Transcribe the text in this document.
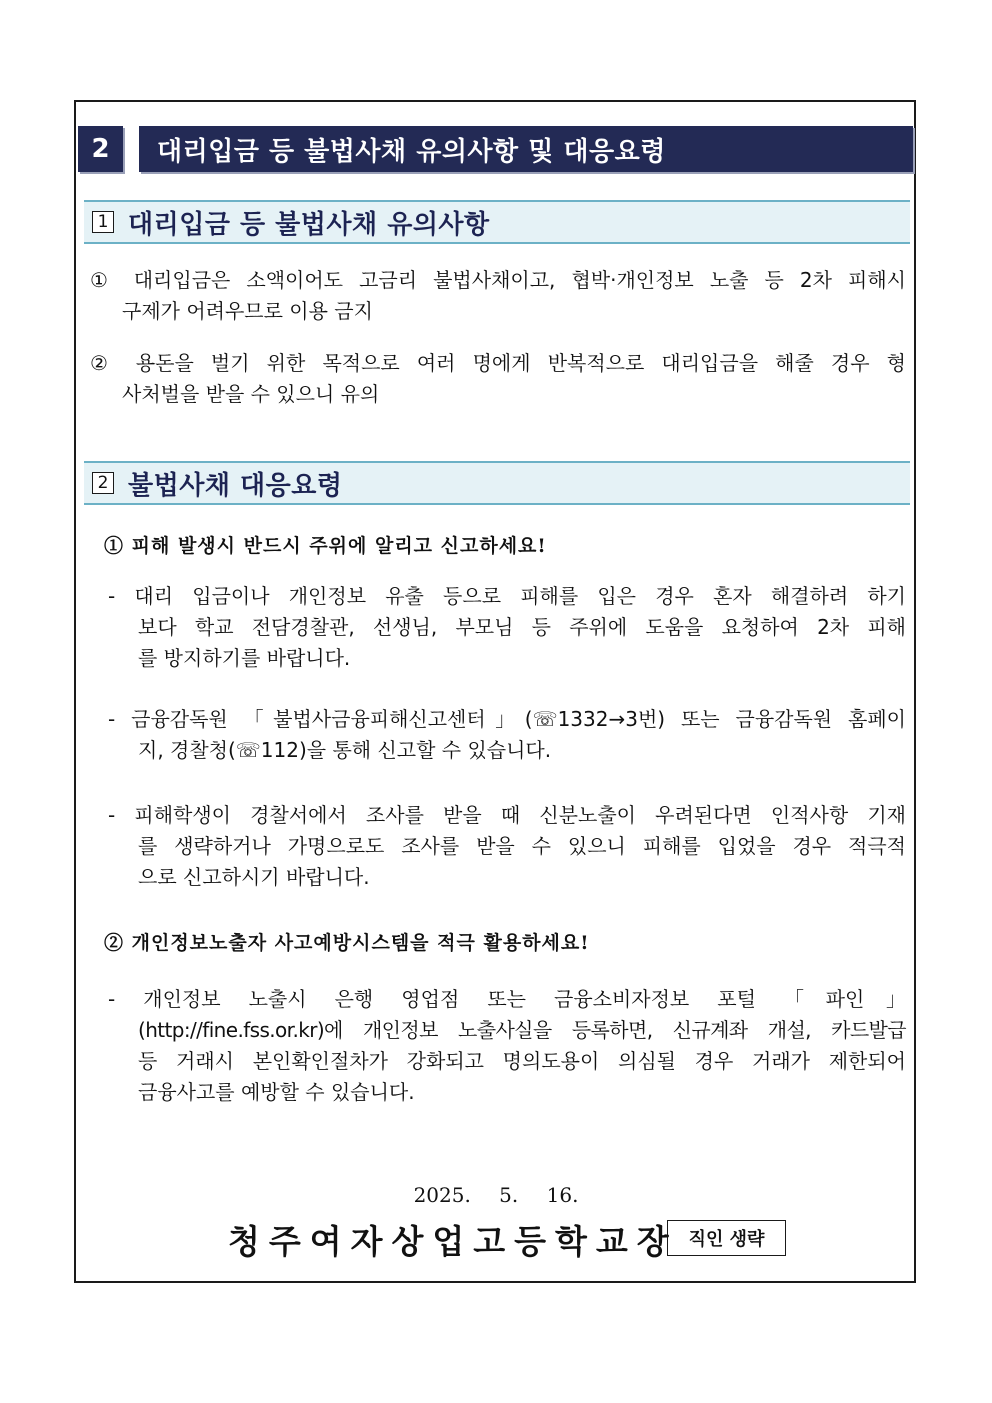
2	대리입금 등 불법사채 유의사항 및 대응요령
1 대리입금 등 불법사채 유의사항
① 대리입금은 소액이어도 고금리 불법사채이고, 협박·개인정보 노출 등 2차 피해시
구제가 어려우므로 이용 금지
② 용돈을 벌기 위한 목적으로 여러 명에게 반복적으로 대리입금을 해줄 경우 형
사처벌을 받을 수 있으니 유의
2 불법사채 대응요령
① 피해 발생시 반드시 주위에 알리고 신고하세요!
- 대리 입금이나 개인정보 유출 등으로 피해를 입은 경우 혼자 해결하려 하기
보다 학교 전담경찰관, 선생님, 부모님 등 주위에 도움을 요청하여 2차 피해
를 방지하기를 바랍니다.
- 금융감독원 「불법사금융피해신고센터」(☏1332→3번) 또는 금융감독원 홈페이
지, 경찰청(☏112)을 통해 신고할 수 있습니다.
- 피해학생이 경찰서에서 조사를 받을 때 신분노출이 우려된다면 인적사항 기재
를 생략하거나 가명으로도 조사를 받을 수 있으니 피해를 입었을 경우 적극적
으로 신고하시기 바랍니다.
② 개인정보노출자 사고예방시스템을 적극 활용하세요!
- 개인정보 노출시 은행 영업점 또는 금융소비자정보 포털 「파인」
(http://fine.fss.or.kr)에 개인정보 노출사실을 등록하면, 신규계좌 개설, 카드발급
등 거래시 본인확인절차가 강화되고 명의도용이 의심될 경우 거래가 제한되어
금융사고를 예방할 수 있습니다.
2025. 5. 16.
청주여자상업고등학교장 직인 생략
